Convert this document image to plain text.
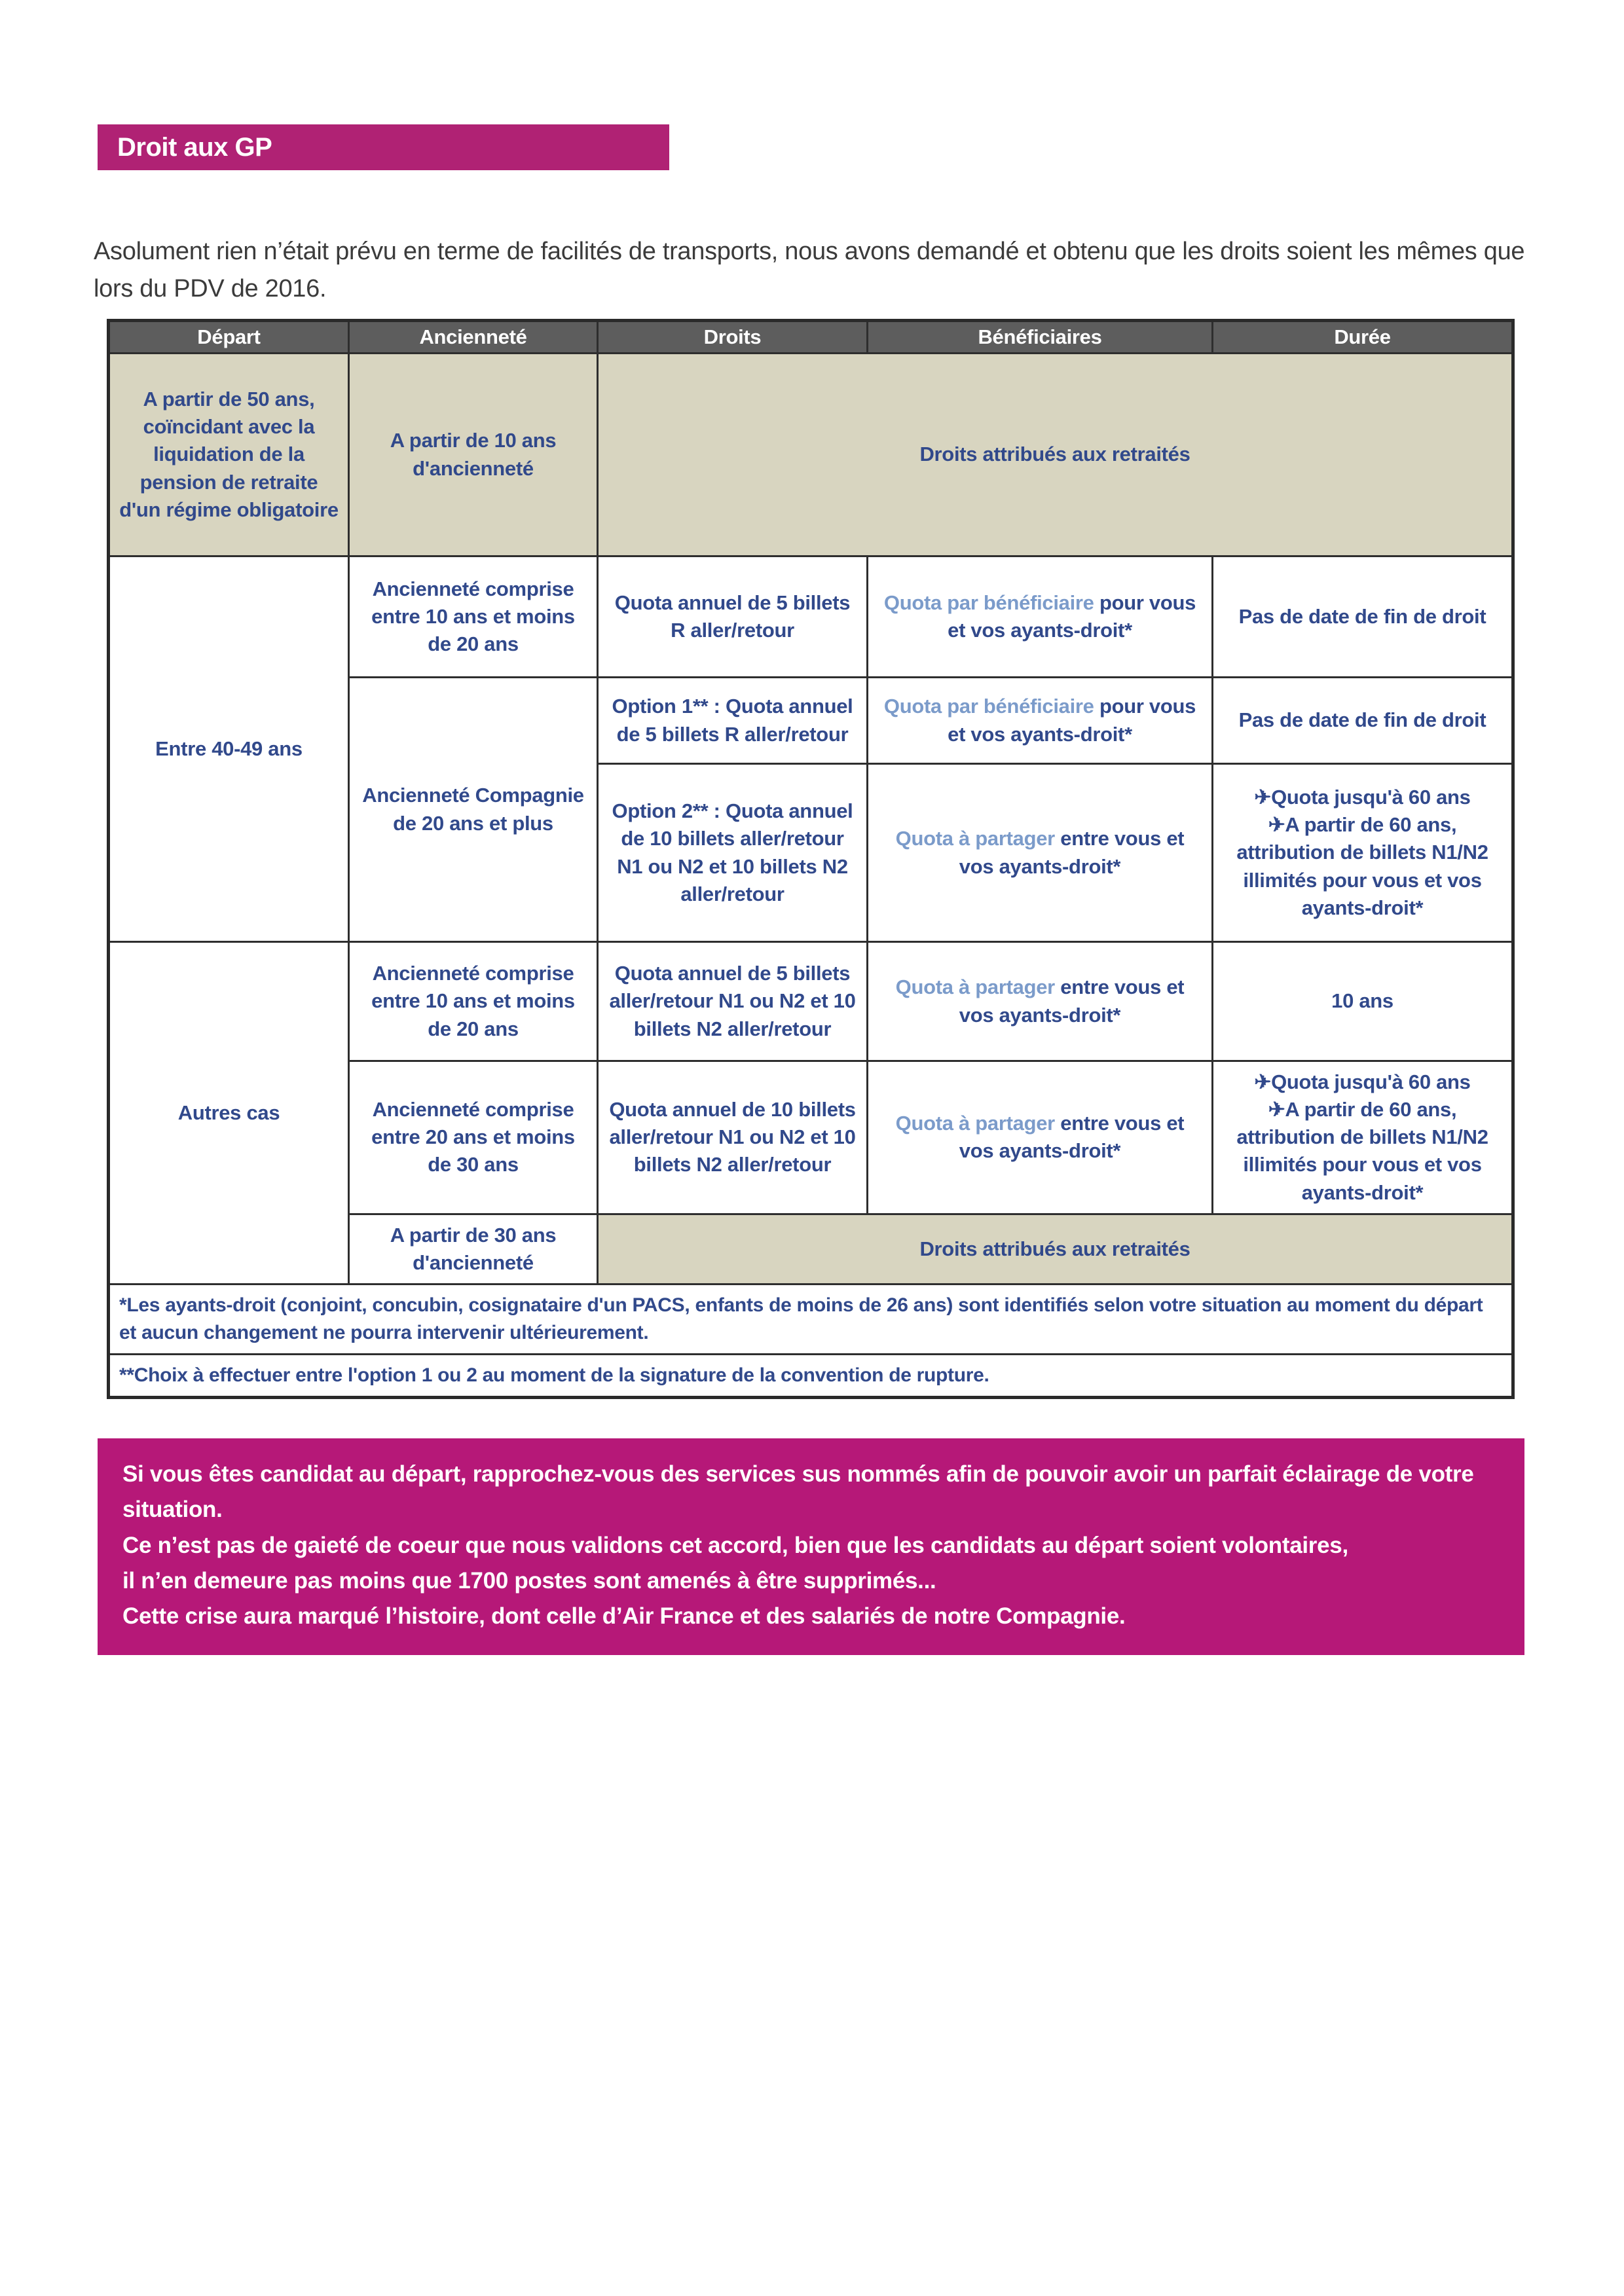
Droit aux GP

Asolument rien n’était prévu en terme de facilités de transports, nous avons demandé et obtenu que les droits soient les mêmes que lors du PDV de 2016.

Départ	Ancienneté	Droits	Bénéficiaires	Durée
A partir de 50 ans, coïncidant avec la liquidation de la pension de retraite d'un régime obligatoire	A partir de 10 ans d'ancienneté	Droits attribués aux retraités		
Entre 40-49 ans	Ancienneté comprise entre 10 ans et moins de 20 ans	Quota annuel de 5 billets R aller/retour	Quota par bénéficiaire pour vous et vos ayants-droit*	Pas de date de fin de droit
	Ancienneté Compagnie de 20 ans et plus	Option 1** : Quota annuel de 5 billets R aller/retour	Quota par bénéficiaire pour vous et vos ayants-droit*	Pas de date de fin de droit
		Option 2** : Quota annuel de 10 billets aller/retour N1 ou N2 et 10 billets N2 aller/retour	Quota à partager entre vous et vos ayants-droit*	✈Quota jusqu'à 60 ans
✈A partir de 60 ans, attribution de billets N1/N2 illimités pour vous et vos ayants-droit*
Autres cas	Ancienneté comprise entre 10 ans et moins de 20 ans	Quota annuel de 5 billets aller/retour N1 ou N2 et 10 billets N2 aller/retour	Quota à partager entre vous et vos ayants-droit*	10 ans
	Ancienneté comprise entre 20 ans et moins de 30 ans	Quota annuel de 10 billets aller/retour N1 ou N2 et 10 billets N2 aller/retour	Quota à partager entre vous et vos ayants-droit*	✈Quota jusqu'à 60 ans
✈A partir de 60 ans, attribution de billets N1/N2 illimités pour vous et vos ayants-droit*
	A partir de 30 ans d'ancienneté	Droits attribués aux retraités		
*Les ayants-droit (conjoint, concubin, cosignataire d'un PACS, enfants de moins de 26 ans) sont identifiés selon votre situation au moment du départ et aucun changement ne pourra intervenir ultérieurement.				
**Choix à effectuer entre l'option 1 ou 2 au moment de la signature de la convention de rupture.				
Si vous êtes candidat au départ, rapprochez-vous des services sus nommés afin de pouvoir avoir un parfait éclairage de votre situation.
Ce n’est pas de gaieté de coeur que nous validons cet accord, bien que les candidats au départ soient volontaires,
il n’en demeure pas moins que 1700 postes sont amenés à être supprimés...
Cette crise aura marqué l’histoire, dont celle d’Air France et des salariés de notre Compagnie.
